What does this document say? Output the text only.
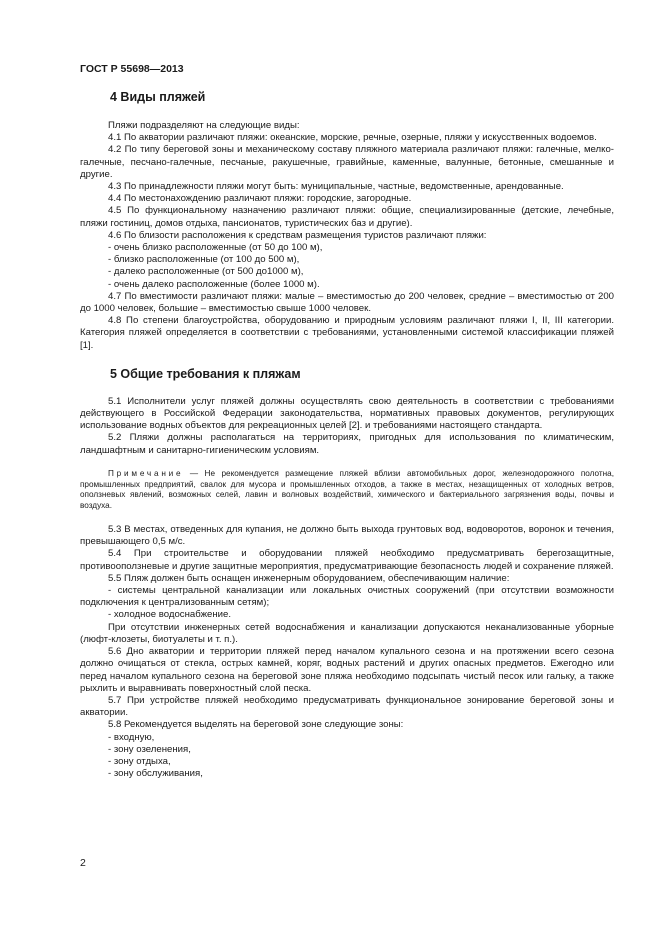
ГОСТ Р 55698—2013
4 Виды пляжей

Пляжи подразделяют на следующие виды:

4.1 По акватории различают пляжи: океанские, морские, речные, озерные, пляжи у искусственных водоемов.

4.2 По типу береговой зоны и механическому составу пляжного материала различают пляжи: галечные, мелко-галечные, песчано-галечные, песчаные, ракушечные, гравийные, каменные, валунные, бетонные, смешанные и другие.

4.3 По принадлежности пляжи могут быть: муниципальные, частные, ведомственные, арендованные.

4.4 По местонахождению различают пляжи: городские, загородные.

4.5 По функциональному назначению различают пляжи: общие, специализированные (детские, лечебные, пляжи гостиниц, домов отдыха, пансионатов, туристических баз и другие).

4.6 По близости расположения к средствам размещения туристов различают пляжи:

- очень близко расположенные (от 50 до 100 м),

- близко расположенные (от 100 до 500 м),

- далеко расположенные (от 500 до1000 м),

- очень далеко расположенные (более 1000 м).

4.7 По вместимости различают пляжи: малые – вместимостью до 200 человек, средние – вместимостью от 200 до 1000 человек, большие – вместимостью свыше 1000 человек.

4.8 По степени благоустройства, оборудованию и природным условиям различают пляжи I, II, III категории. Категория пляжей определяется в соответствии с требованиями, установленными системой классификации пляжей [1].

5 Общие требования к пляжам

5.1 Исполнители услуг пляжей должны осуществлять свою деятельность в соответствии с требованиями действующего в Российской Федерации законодательства, нормативных правовых документов, регулирующих использование водных объектов для рекреационных целей [2]. и требованиями настоящего стандарта.

5.2 Пляжи должны располагаться на территориях, пригодных для использования по климатическим, ландшафтным и санитарно-гигиеническим условиям.

Примечание — Не рекомендуется размещение пляжей вблизи автомобильных дорог, железнодорожного полотна, промышленных предприятий, свалок для мусора и промышленных отходов, а также в местах, незащищенных от холодных ветров, оползневых явлений, возможных селей, лавин и волновых воздействий, химического и бактериального загрязнения воды, почвы и воздуха.

5.3 В местах, отведенных для купания, не должно быть выхода грунтовых вод, водоворотов, воронок и течения, превышающего 0,5 м/с.

5.4 При строительстве и оборудовании пляжей необходимо предусматривать берегозащитные, противооползневые и другие защитные мероприятия, предусматривающие безопасность людей и сохранение пляжей.

5.5 Пляж должен быть оснащен инженерным оборудованием, обеспечивающим наличие:

- системы центральной канализации или локальных очистных сооружений (при отсутствии возможности подключения к централизованным сетям);

- холодное водоснабжение.

При отсутствии инженерных сетей водоснабжения и канализации допускаются неканализованные уборные (люфт-клозеты, биотуалеты и т. п.).

5.6 Дно акватории и территории пляжей перед началом купального сезона и на протяжении всего сезона должно очищаться от стекла, острых камней, коряг, водных растений и других опасных предметов. Ежегодно или перед началом купального сезона на береговой зоне пляжа необходимо подсыпать чистый песок или гальку, а также рыхлить и выравнивать поверхностный слой песка.

5.7 При устройстве пляжей необходимо предусматривать функциональное зонирование береговой зоны и акватории.

5.8 Рекомендуется выделять на береговой зоне следующие зоны:

- входную,

- зону озеленения,

- зону отдыха,

- зону обслуживания,

2
